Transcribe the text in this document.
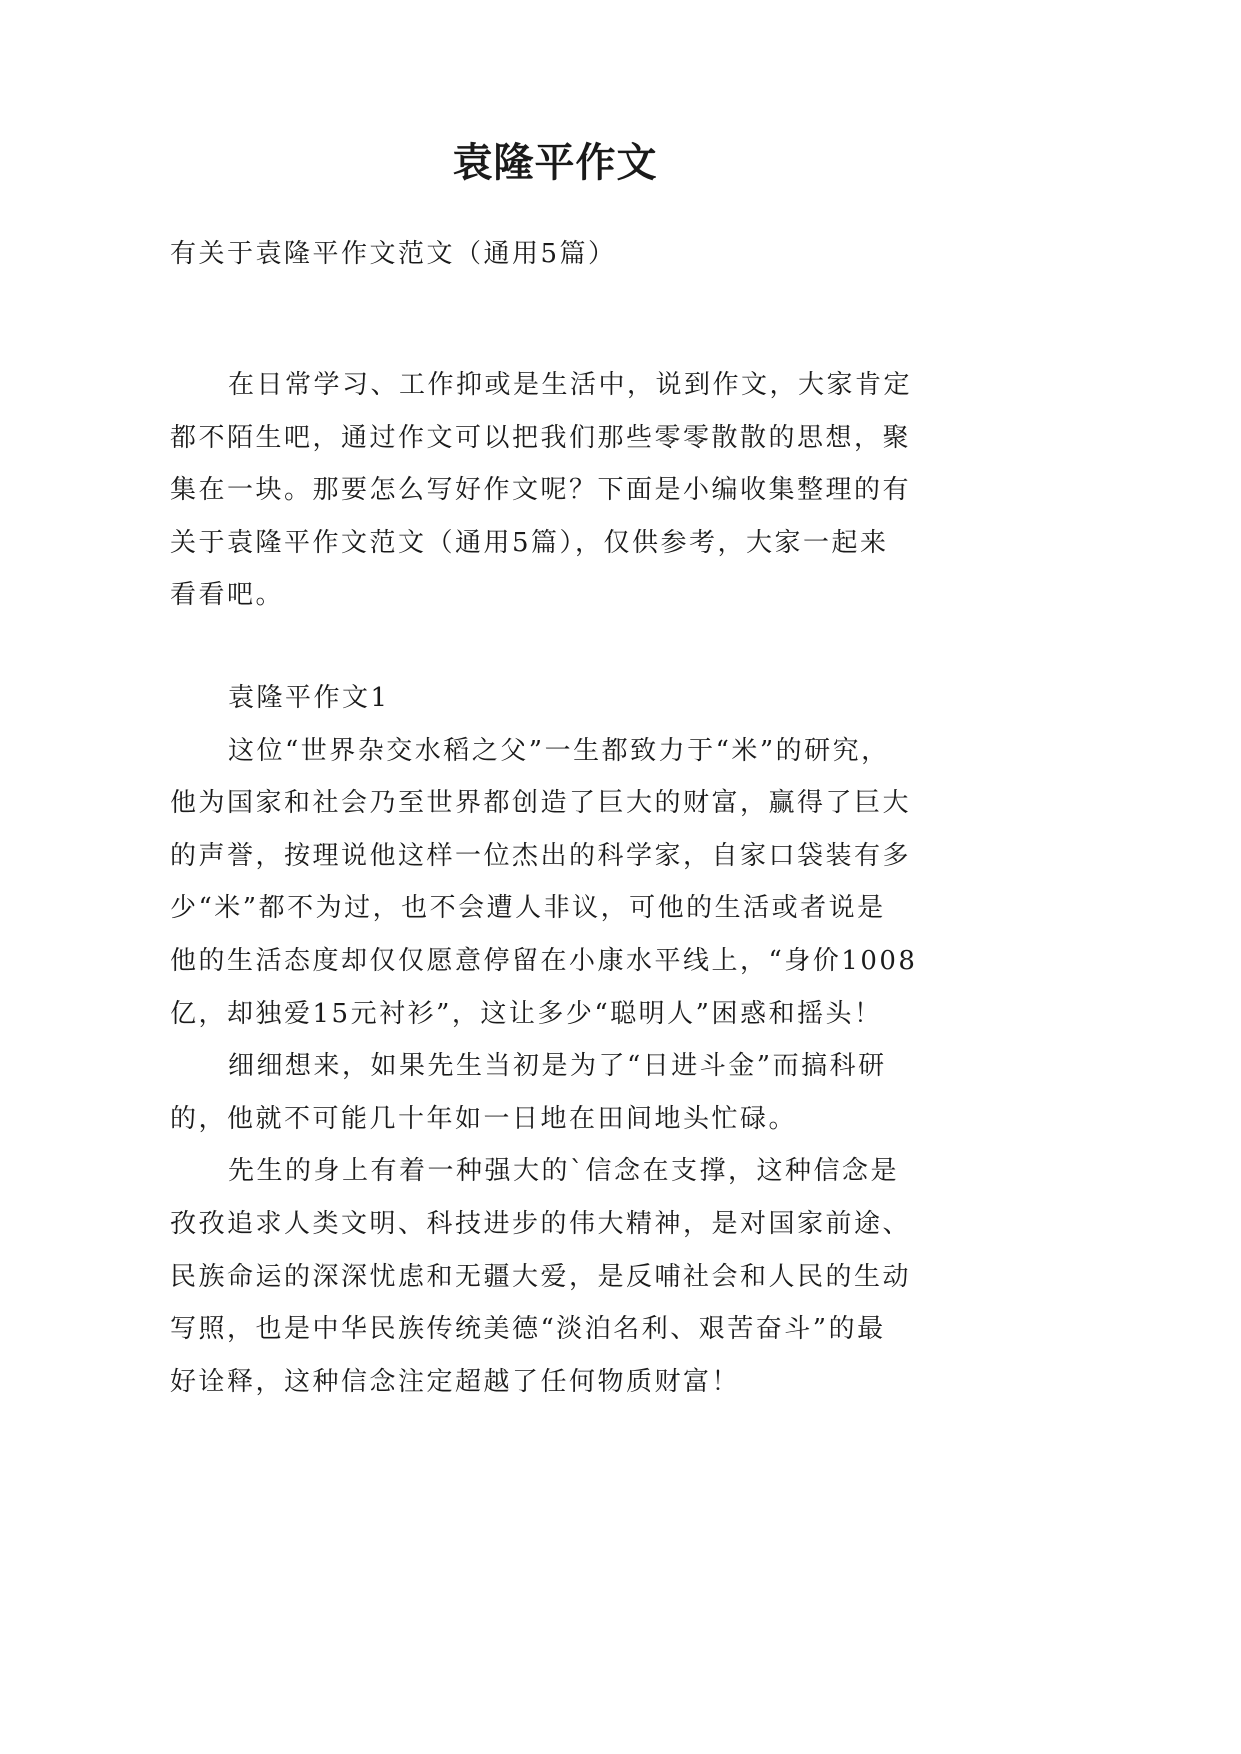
袁隆平作文
有关于袁隆平作文范文（通用5篇）
在日常学习、工作抑或是生活中，说到作文，大家肯定
都不陌生吧，通过作文可以把我们那些零零散散的思想，聚
集在一块。那要怎么写好作文呢？下面是小编收集整理的有
关于袁隆平作文范文（通用5篇），仅供参考，大家一起来
看看吧。
袁隆平作文1
这位“世界杂交水稻之父”一生都致力于“米”的研究，
他为国家和社会乃至世界都创造了巨大的财富，赢得了巨大
的声誉，按理说他这样一位杰出的科学家，自家口袋装有多
少“米”都不为过，也不会遭人非议，可他的生活或者说是
他的生活态度却仅仅愿意停留在小康水平线上，“身价1008
亿，却独爱15元衬衫”，这让多少“聪明人”困惑和摇头！
细细想来，如果先生当初是为了“日进斗金”而搞科研
的，他就不可能几十年如一日地在田间地头忙碌。
先生的身上有着一种强大的`信念在支撑，这种信念是
孜孜追求人类文明、科技进步的伟大精神，是对国家前途、
民族命运的深深忧虑和无疆大爱，是反哺社会和人民的生动
写照，也是中华民族传统美德“淡泊名利、艰苦奋斗”的最
好诠释，这种信念注定超越了任何物质财富！
